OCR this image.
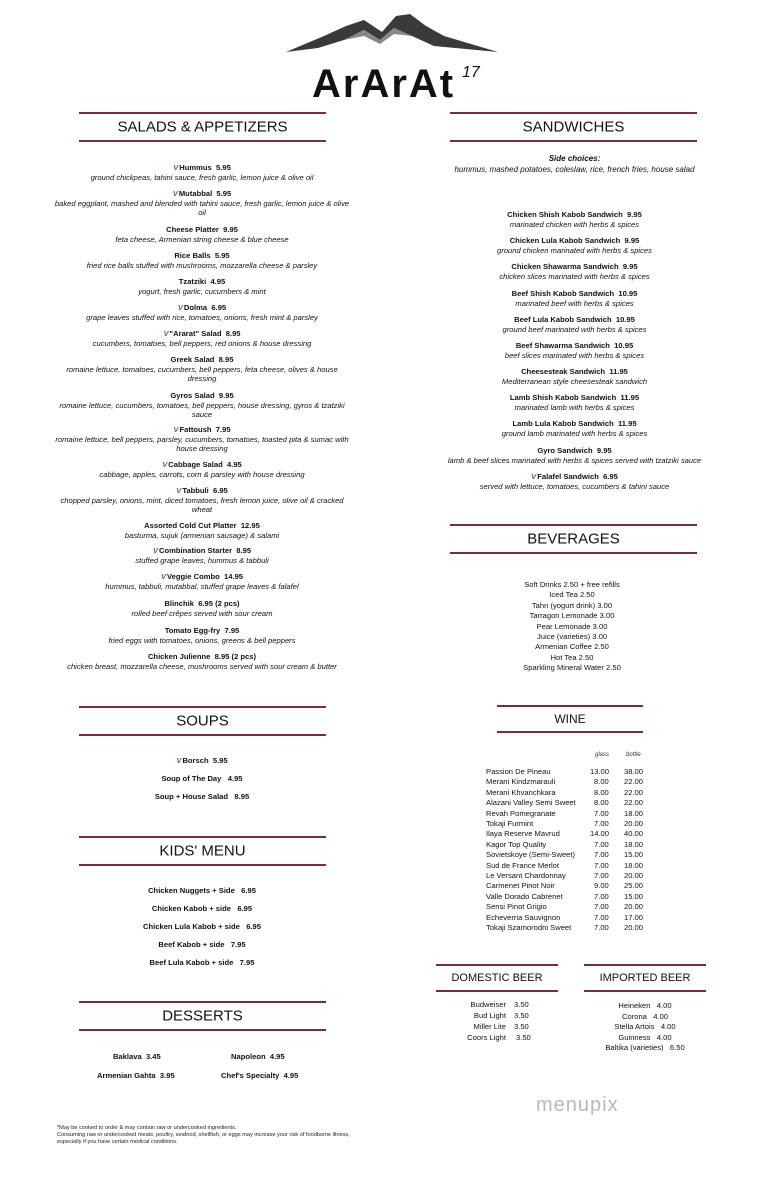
ArArAt 17
SALADS & APPETIZERS	SANDWICHES
BEVERAGES
SOUPS	WINE
KIDS' MENU
DESSERTS
DOMESTIC BEER	IMPORTED BEER
VHummus 5.95
ground chickpeas, tahini sauce, fresh garlic, lemon juice & olive oil
VMutabbal 5.95
baked eggplant, mashed and blended with tahini sauce, fresh garlic, lemon juice & olive oil
Cheese Platter 9.95
feta cheese, Armenian string cheese & blue cheese
Rice Balls 5.95
fried rice balls stuffed with mushrooms, mozzarella cheese & parsley
Tzatziki 4.95
yogurt, fresh garlic, cucumbers & mint
VDolma 6.95
grape leaves stuffed with rice, tomatoes, onions, fresh mint & parsley
V"Ararat" Salad 8.95
cucumbers, tomatoes, bell peppers, red onions & house dressing
Greek Salad 8.95
romaine lettuce, tomatoes, cucumbers, bell peppers, feta cheese, olives & house dressing
Gyros Salad 9.95
romaine lettuce, cucumbers, tomatoes, bell peppers, house dressing, gyros & tzatziki sauce
VFattoush 7.95
romaine lettuce, bell peppers, parsley, cucumbers, tomatoes, toasted pita & sumac with house dressing
VCabbage Salad 4.95
cabbage, apples, carrots, corn & parsley with house dressing
VTabbuli 6.95
chopped parsley, onions, mint, diced tomatoes, fresh lemon juice, olive oil & cracked wheat
Assorted Cold Cut Platter 12.95
basturma, sujuk (armenian sausage) & salami
VCombination Starter 8.95
stuffed grape leaves, hummus & tabbuli
VVeggie Combo 14.95
hummus, tabbuli, mutabbal, stuffed grape leaves & falafel
Blinchik 6.95 (2 pcs)
rolled beef crêpes served with sour cream
Tomato Egg-fry 7.95
fried eggs with tomatoes, onions, greens & bell peppers
Chicken Julienne 8.95 (2 pcs)
chicken breast, mozzarella cheese, mushrooms served with sour cream & butter
Side choices:
hummus, mashed potatoes, coleslaw, rice, french fries, house salad
Chicken Shish Kabob Sandwich 9.95
marinated chicken with herbs & spices
Chicken Lula Kabob Sandwich 9.95
ground chicken marinated with herbs & spices
Chicken Shawarma Sandwich 9.95
chicken slices marinated with herbs & spices
Beef Shish Kabob Sandwich 10.95
marinated beef with herbs & spices
Beef Lula Kabob Sandwich 10.95
ground beef marinated with herbs & spices
Beef Shawarma Sandwich 10.95
beef slices marinated with herbs & spices
Cheesesteak Sandwich 11.95
Mediterranean style cheesesteak sandwich
Lamb Shish Kabob Sandwich 11.95
marinated lamb with herbs & spices
Lamb Lula Kabob Sandwich 11.95
ground lamb marinated with herbs & spices
Gyro Sandwich 9.95
lamb & beef slices marinated with herbs & spices served with tzatziki sauce
VFalafel Sandwich 6.95
served with lettuce, tomatoes, cucumbers & tahini sauce
Soft Drinks 2.50 + free refills
Iced Tea 2.50
Tahn (yogurt drink) 3.00
Tarragon Lemonade 3.00
Pear Lemonade 3.00
Juice (varieties) 3.00
Armenian Coffee 2.50
Hot Tea 2.50
Sparkling Mineral Water 2.50
VBorsch 5.95
Soup of The Day 4.95
Soup + House Salad 8.95
glass	bottle
Passion De Pineau	13.00 38.00
Merani Kindzmarauli	8.00 22.00
Merani Khvanchkara	8.00 22.00
Alazani Valley Semi Sweet 8.00 22.00
Revah Pomegranate	7.00 18.00
Tokaji Furmint	7.00 20.00
Ilaya Reserve Mavrud	14.00 40.00
Kagor Top Quality	7.00 18.00
Sovietskoye (Semi-Sweet) 7.00 15.00
Sud de France Merlot	7.00 18.00
Le Versant Chardonnay	7.00 20.00
Carmenet Pinot Noir	9.00 25.00
Valle Dorado Cabrenet	7.00 15.00
Sensi Pinot Grigio	7.00 20.00
Echeverria Sauvignon	7.00 17.00
Tokaji Szamorodni Sweet	7.00 20.00
Chicken Nuggets + Side 6.95
Chicken Kabob + side 6.95
Chicken Lula Kabob + side 6.95
Beef Kabob + side 7.95
Beef Lula Kabob + side 7.95
Baklava 3.45	Napoleon 4.95
Armenian Gahta 3.95	Chef's Specialty 4.95
Budweiser 3.50
Bud Light 3.50
Miller Lite 3.50
Coors Light 3.50
Heineken 4.00
Corona 4.00
Stella Artois 4.00
Guinness 4.00
Baltika (varieties) 6.50
menupix
*May be cooked to order & may contain raw or undercooked ingredients.
Consuming raw or undercooked meats, poultry, seafood, shellfish, or eggs may increase your risk of foodborne illness, especially if you have certain medical conditions.
